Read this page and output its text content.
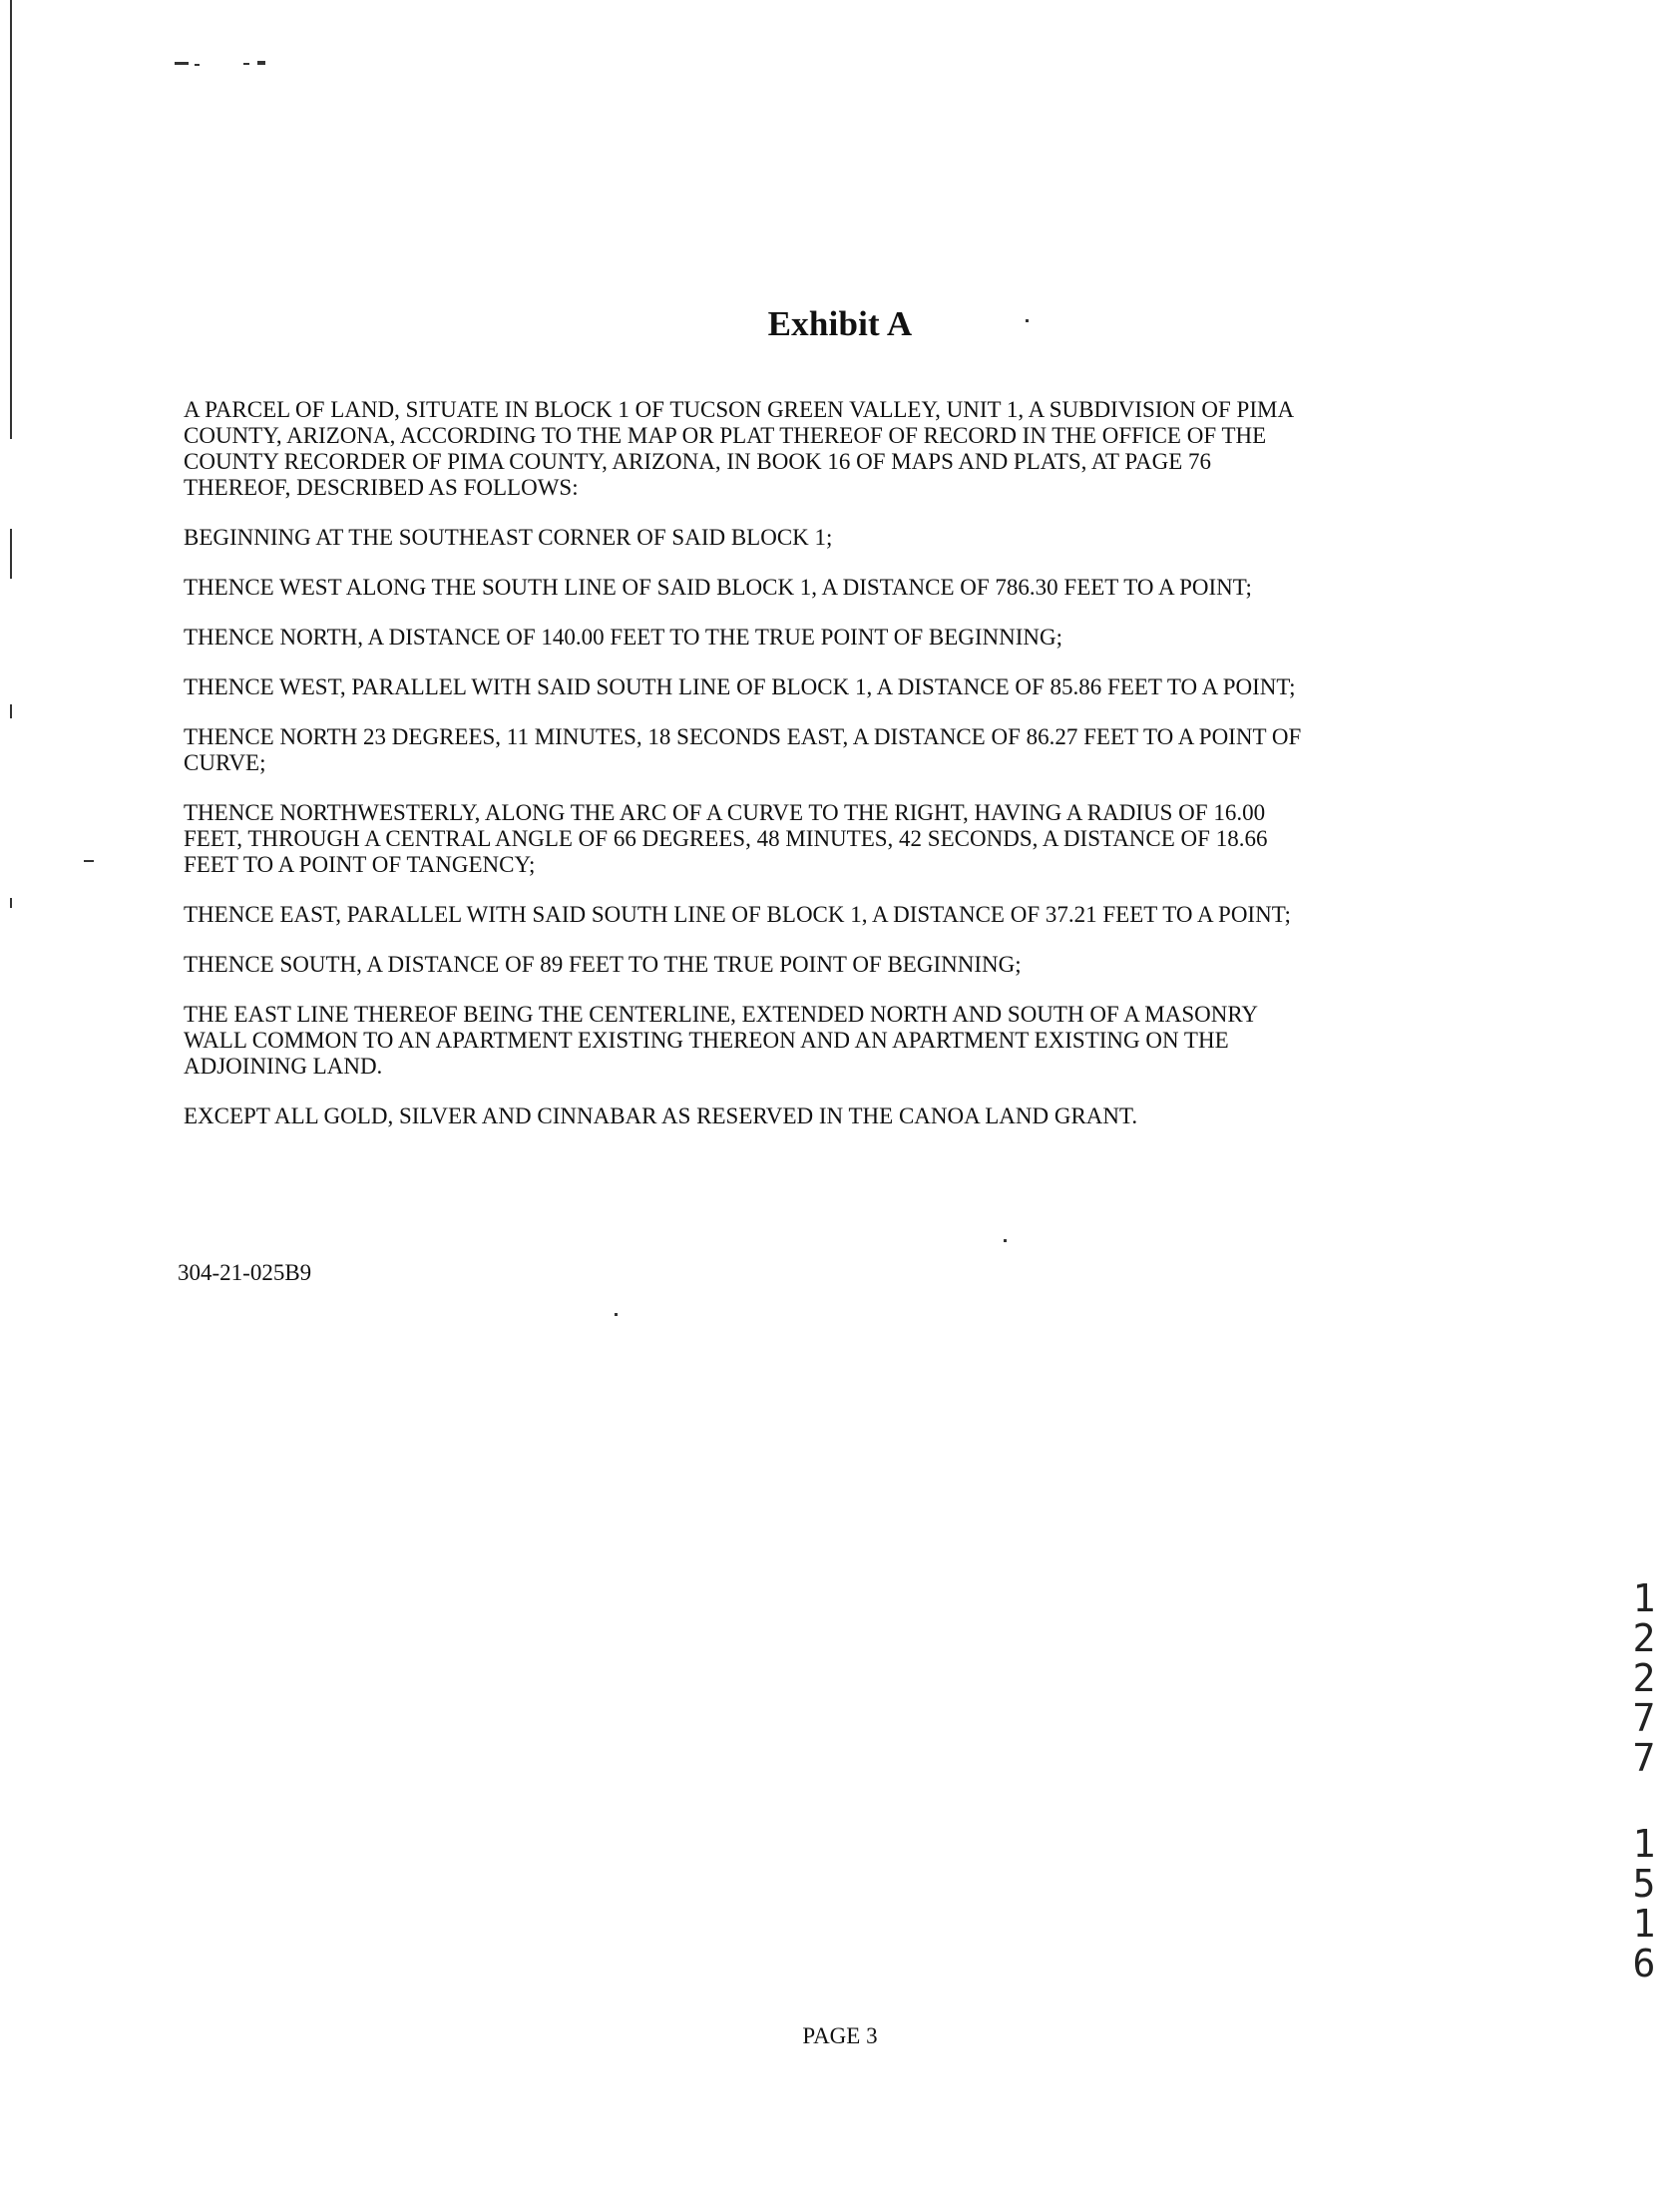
Exhibit A

A PARCEL OF LAND, SITUATE IN BLOCK 1 OF TUCSON GREEN VALLEY, UNIT 1, A SUBDIVISION OF PIMA
COUNTY, ARIZONA, ACCORDING TO THE MAP OR PLAT THEREOF OF RECORD IN THE OFFICE OF THE
COUNTY RECORDER OF PIMA COUNTY, ARIZONA, IN BOOK 16 OF MAPS AND PLATS, AT PAGE 76
THEREOF, DESCRIBED AS FOLLOWS:

BEGINNING AT THE SOUTHEAST CORNER OF SAID BLOCK 1;

THENCE WEST ALONG THE SOUTH LINE OF SAID BLOCK 1, A DISTANCE OF 786.30 FEET TO A POINT;

THENCE NORTH, A DISTANCE OF 140.00 FEET TO THE TRUE POINT OF BEGINNING;

THENCE WEST, PARALLEL WITH SAID SOUTH LINE OF BLOCK 1, A DISTANCE OF 85.86 FEET TO A POINT;

THENCE NORTH 23 DEGREES, 11 MINUTES, 18 SECONDS EAST, A DISTANCE OF 86.27 FEET TO A POINT OF
CURVE;

THENCE NORTHWESTERLY, ALONG THE ARC OF A CURVE TO THE RIGHT, HAVING A RADIUS OF 16.00
FEET, THROUGH A CENTRAL ANGLE OF 66 DEGREES, 48 MINUTES, 42 SECONDS, A DISTANCE OF 18.66
FEET TO A POINT OF TANGENCY;

THENCE EAST, PARALLEL WITH SAID SOUTH LINE OF BLOCK 1, A DISTANCE OF 37.21 FEET TO A POINT;

THENCE SOUTH, A DISTANCE OF 89 FEET TO THE TRUE POINT OF BEGINNING;

THE EAST LINE THEREOF BEING THE CENTERLINE, EXTENDED NORTH AND SOUTH OF A MASONRY
WALL COMMON TO AN APARTMENT EXISTING THEREON AND AN APARTMENT EXISTING ON THE
ADJOINING LAND.

EXCEPT ALL GOLD, SILVER AND CINNABAR AS RESERVED IN THE CANOA LAND GRANT.

304-21-025B9
1
2
2
7
7
1
5
1
6
PAGE 3
